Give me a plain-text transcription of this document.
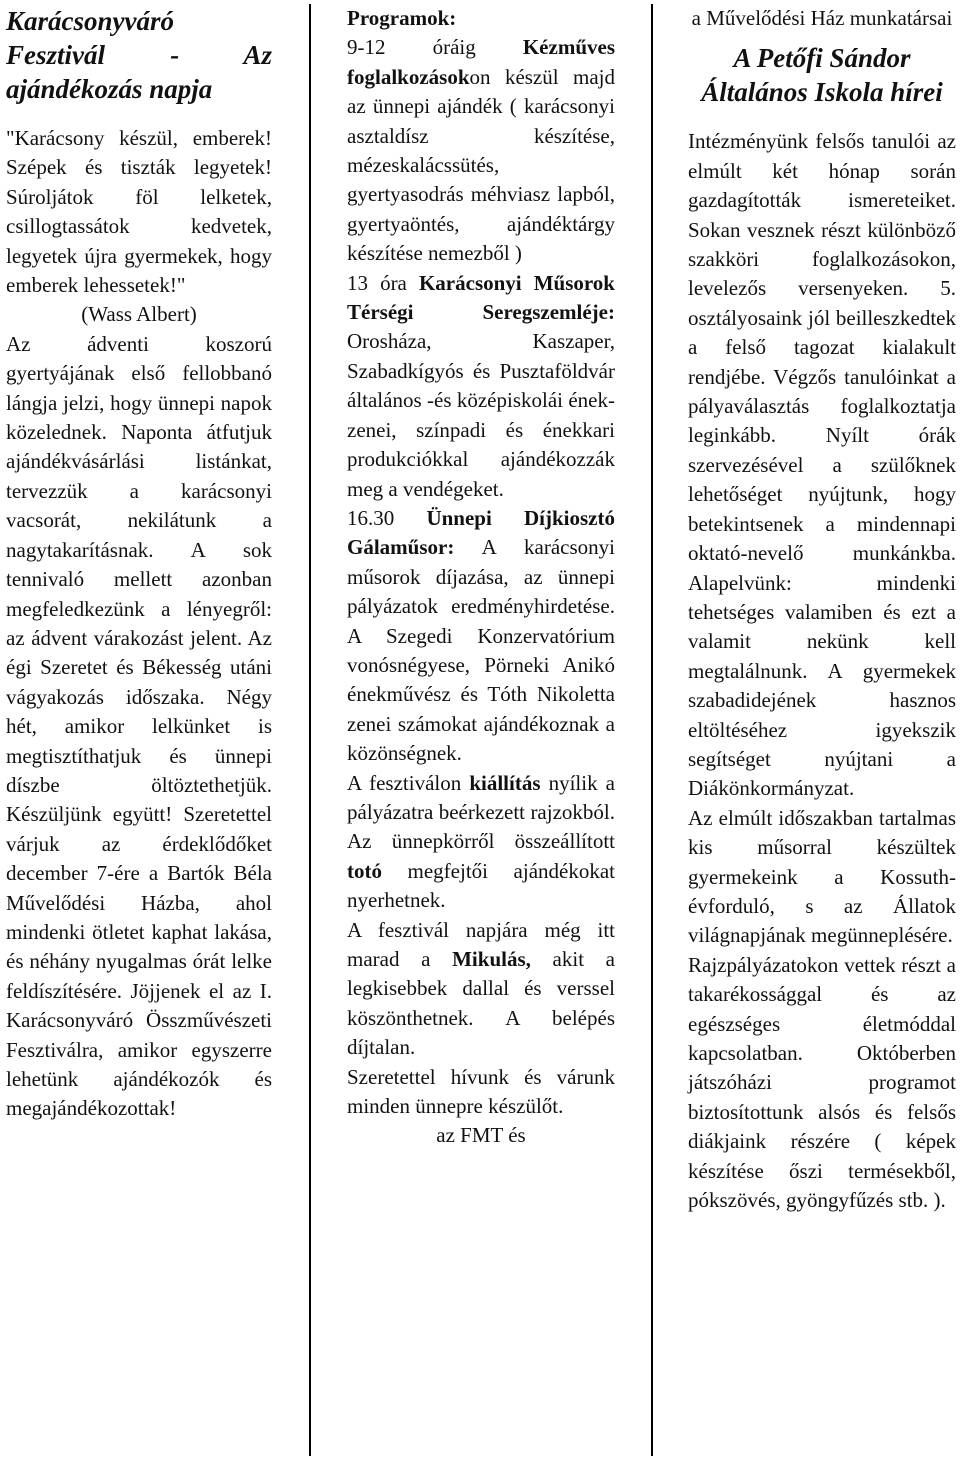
Karácsonyváró Fesztivál - Az ajándékozás napja

"Karácsony készül, emberek! Szépek és tiszták legyetek! Súroljátok föl lelketek, csillogtassátok kedvetek, legyetek újra gyermekek, hogy emberek lehessetek!"

(Wass Albert)

Az ádventi koszorú gyertyájának első fellobbanó lángja jelzi, hogy ünnepi napok közelednek. Naponta átfutjuk ajándékvásárlási listánkat, tervezzük a karácsonyi vacsorát, nekilátunk a nagytakarításnak. A sok tennivaló mellett azonban megfeledkezünk a lényegről: az ádvent várakozást jelent. Az égi Szeretet és Békesség utáni vágyakozás időszaka. Négy hét, amikor lelkünket is megtisztíthatjuk és ünnepi díszbe öltöztethetjük. Készüljünk együtt! Szeretettel várjuk az érdeklődőket december 7-ére a Bartók Béla Művelődési Házba, ahol mindenki ötletet kaphat lakása, és néhány nyugalmas órát lelke feldíszítésére. Jöjjenek el az I. Karácsonyváró Összművészeti Fesztiválra, amikor egyszerre lehetünk ajándékozók és megajándékozottak!

Programok:

9-12 óráig Kézműves foglalkozásokon készül majd az ünnepi ajándék ( karácsonyi asztaldísz készítése, mézeskalácssütés, gyertyasodrás méhviasz lapból, gyertyaöntés, ajándéktárgy készítése nemezből )

13 óra Karácsonyi Műsorok Térségi Seregszemléje: Orosháza, Kaszaper, Szabadkígyós és Pusztaföldvár általános -és középiskolái ének-zenei, színpadi és énekkari produkciókkal ajándékozzák meg a vendégeket.

16.30 Ünnepi Díjkiosztó Gálaműsor: A karácsonyi műsorok díjazása, az ünnepi pályázatok eredményhirdetése. A Szegedi Konzervatórium vonósnégyese, Pörneki Anikó énekművész és Tóth Nikoletta zenei számokat ajándékoznak a közönségnek.

A fesztiválon kiállítás nyílik a pályázatra beérkezett rajzokból. Az ünnepkörről összeállított totó megfejtői ajándékokat nyerhetnek.

A fesztivál napjára még itt marad a Mikulás, akit a legkisebbek dallal és verssel köszönthetnek. A belépés díjtalan.

Szeretettel hívunk és várunk minden ünnepre készülőt.

az FMT és

a Művelődési Ház munkatársai

A Petőfi Sándor Általános Iskola hírei

Intézményünk felsős tanulói az elmúlt két hónap során gazdagították ismereteiket. Sokan vesznek részt különböző szakköri foglalkozásokon, levelezős versenyeken. 5. osztályosaink jól beilleszkedtek a felső tagozat kialakult rendjébe. Végzős tanulóinkat a pályaválasztás foglalkoztatja leginkább. Nyílt órák szervezésével a szülőknek lehetőséget nyújtunk, hogy betekintsenek a mindennapi oktató-nevelő munkánkba. Alapelvünk: mindenki tehetséges valamiben és ezt a valamit nekünk kell megtalálnunk. A gyermekek szabadidejének hasznos eltöltéséhez igyekszik segítséget nyújtani a Diákönkormányzat.

Az elmúlt időszakban tartalmas kis műsorral készültek gyermekeink a Kossuth-évforduló, s az Állatok világnapjának megünneplésére.

Rajzpályázatokon vettek részt a takarékossággal és az egészséges életmóddal kapcsolatban. Októberben játszóházi programot biztosítottunk alsós és felsős diákjaink részére ( képek készítése őszi termésekből, pókszövés, gyöngyfűzés stb. ).
